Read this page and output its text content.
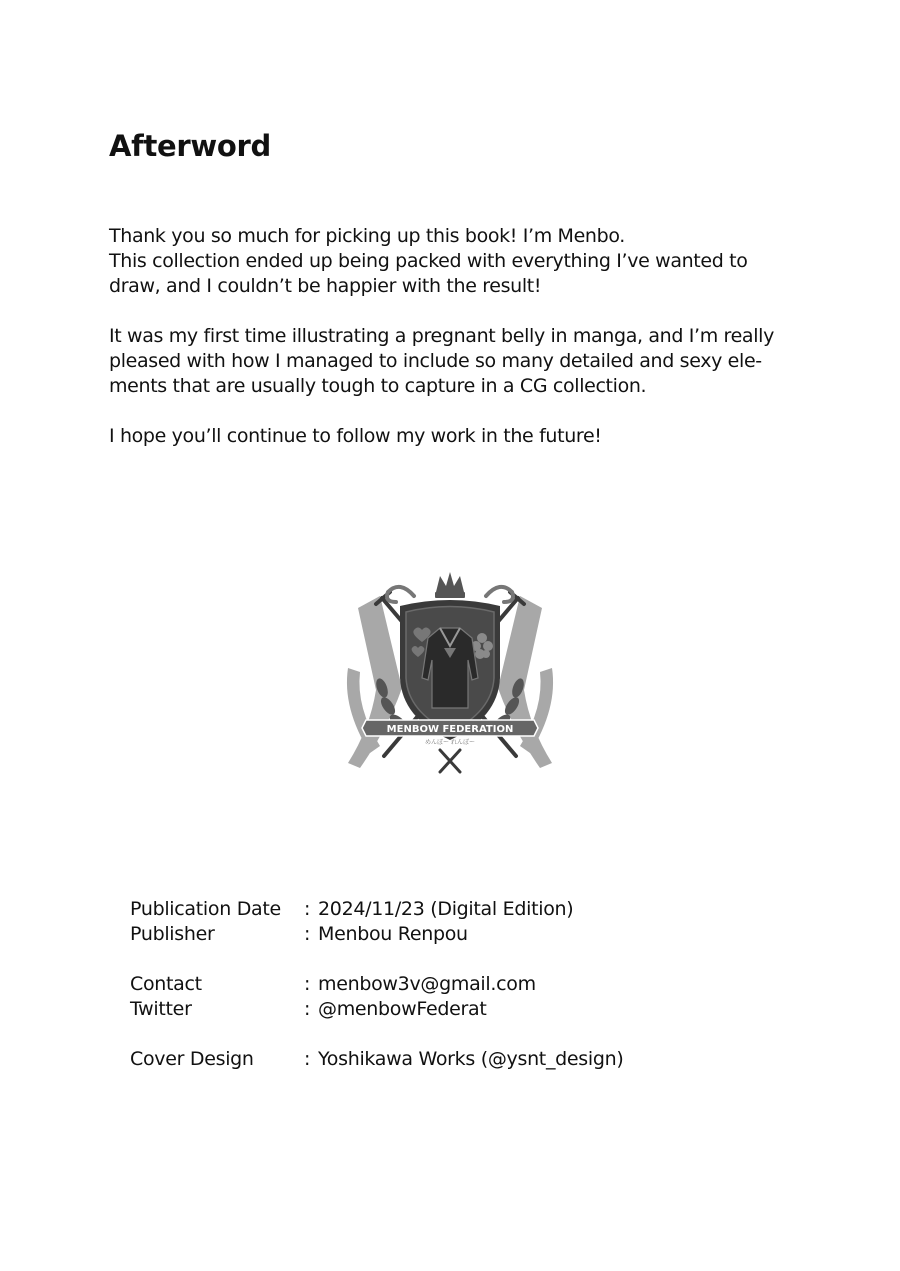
Afterword

Thank you so much for picking up this book! I’m Menbo.
This collection ended up being packed with everything I’ve wanted to
draw, and I couldn’t be happier with the result!

It was my first time illustrating a pregnant belly in manga, and I’m really
pleased with how I managed to include so many detailed and sexy ele-
ments that are usually tough to capture in a CG collection.

I hope you’ll continue to follow my work in the future!

MENBOW FEDERATION
めんぼー れんぽー
Publication Date	: 2024/11/23 (Digital Edition)
Publisher	: Menbou Renpou
Contact	: menbow3v@gmail.com
Twitter	: @menbowFederat
Cover Design	: Yoshikawa Works (@ysnt_design)
